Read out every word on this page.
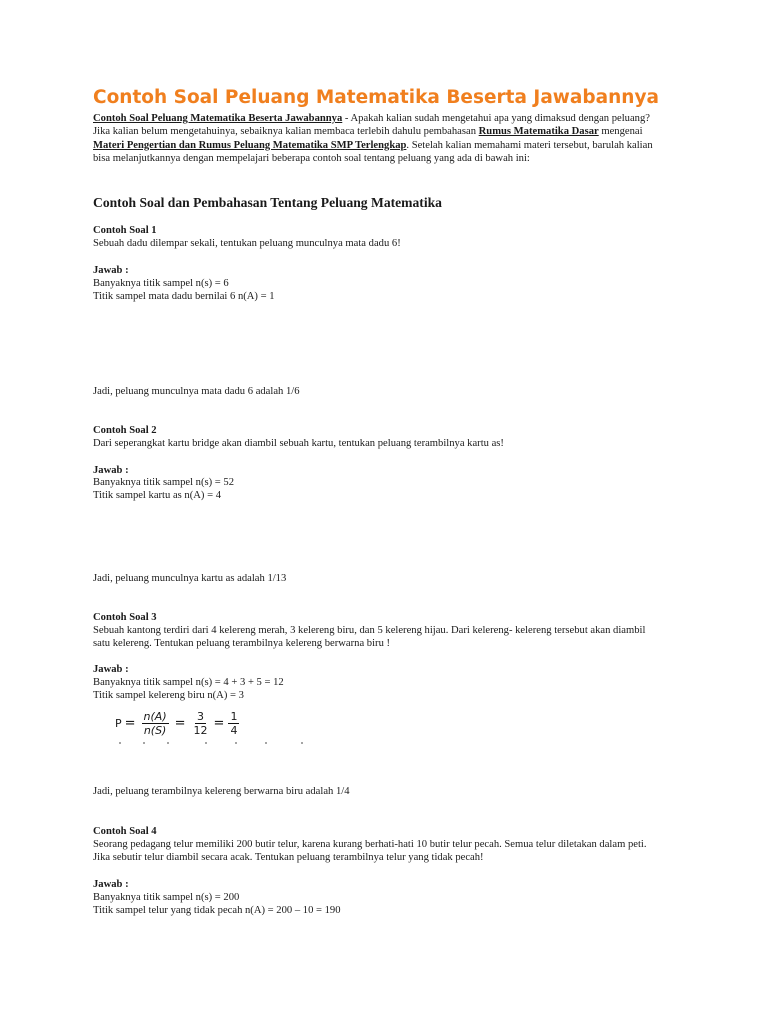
Contoh Soal Peluang Matematika Beserta Jawabannya
Contoh Soal Peluang Matematika Beserta Jawabannya - Apakah kalian sudah mengetahui apa yang dimaksud dengan peluang? Jika kalian belum mengetahuinya, sebaiknya kalian membaca terlebih dahulu pembahasan Rumus Matematika Dasar mengenai Materi Pengertian dan Rumus Peluang Matematika SMP Terlengkap. Setelah kalian memahami materi tersebut, barulah kalian bisa melanjutkannya dengan mempelajari beberapa contoh soal tentang peluang yang ada di bawah ini:
Contoh Soal dan Pembahasan Tentang Peluang Matematika
Contoh Soal 1
Sebuah dadu dilempar sekali, tentukan peluang munculnya mata dadu 6!
Jawab :
Banyaknya titik sampel n(s) = 6
Titik sampel mata dadu bernilai 6 n(A) = 1
Jadi, peluang munculnya mata dadu 6 adalah 1/6
Contoh Soal 2
Dari seperangkat kartu bridge akan diambil sebuah kartu, tentukan peluang terambilnya kartu as!
Jawab :
Banyaknya titik sampel n(s) = 52
Titik sampel kartu as n(A) = 4
Jadi, peluang munculnya kartu as adalah 1/13
Contoh Soal 3
Sebuah kantong terdiri dari 4 kelereng merah, 3 kelereng biru, dan 5 kelereng hijau. Dari kelereng- kelereng tersebut akan diambil satu kelereng. Tentukan peluang terambilnya kelereng berwarna biru !
Jawab :
Banyaknya titik sampel n(s) = 4 + 3 + 5 = 12
Titik sampel kelereng biru n(A) = 3
$P = \frac{n(A)}{n(S)} = \frac{3}{12} = \frac{1}{4}$
Jadi, peluang terambilnya kelereng berwarna biru adalah 1/4
Contoh Soal 4
Seorang pedagang telur memiliki 200 butir telur, karena kurang berhati-hati 10 butir telur pecah. Semua telur diletakan dalam peti. Jika sebutir telur diambil secara acak. Tentukan peluang terambilnya telur yang tidak pecah!
Jawab :
Banyaknya titik sampel n(s) = 200
Titik sampel telur yang tidak pecah n(A) = 200 – 10 = 190
